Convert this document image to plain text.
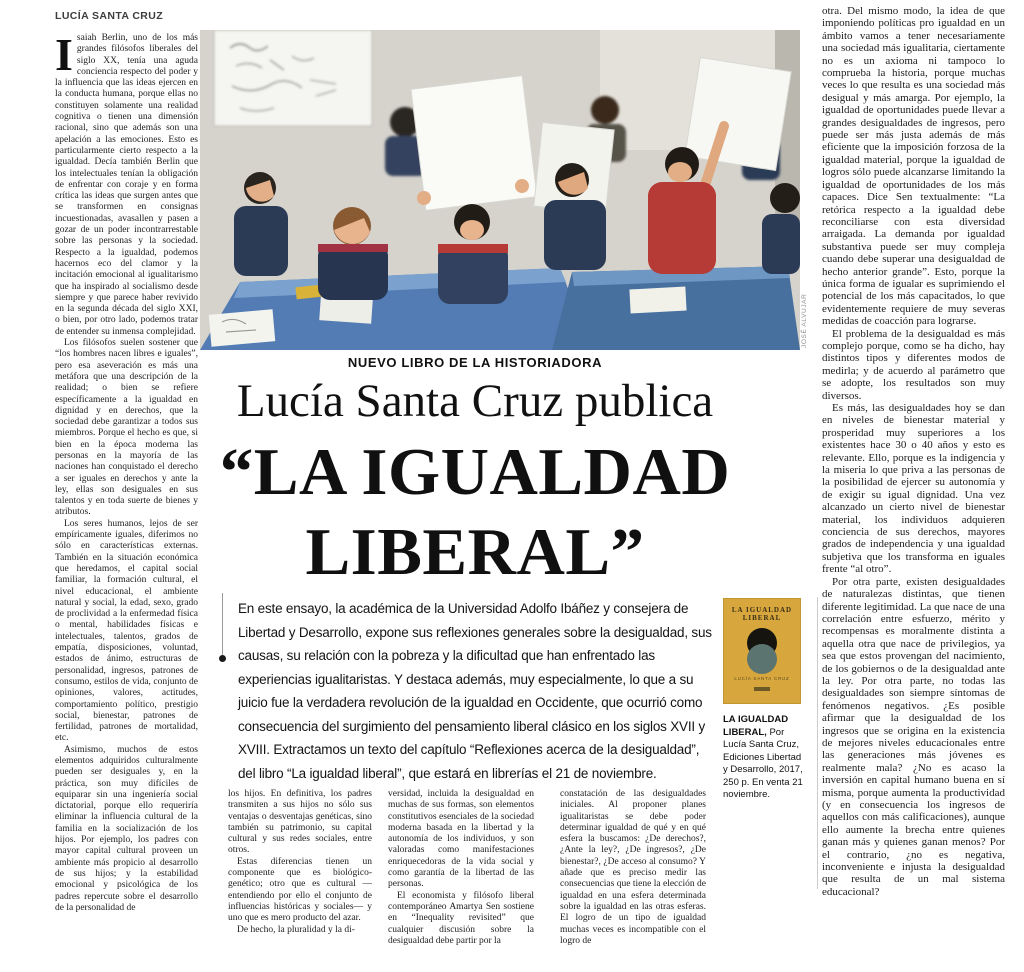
LUCÍA SANTA CRUZ

Isaiah Berlin, uno de los más grandes filósofos liberales del siglo XX, tenía una aguda conciencia respecto del poder y la influencia que las ideas ejercen en la conducta humana, porque ellas no constituyen solamente una realidad cognitiva o tienen una dimensión racional, sino que además son una apelación a las emociones. Esto es particularmente cierto respecto a la igualdad. Decía también Berlin que los intelectuales tenían la obligación de enfrentar con coraje y en forma crítica las ideas que surgen antes que se transformen en consignas incuestionadas, avasallen y pasen a gozar de un poder incontrarrestable sobre las personas y la sociedad. Respecto a la igualdad, podemos hacernos eco del clamor y la incitación emocional al igualitarismo que ha inspirado al socialismo desde siempre y que parece haber revivido en la segunda década del siglo XXI, o bien, por otro lado, podemos tratar de entender su inmensa complejidad.

Los filósofos suelen sostener que “los hombres nacen libres e iguales”, pero esa aseveración es más una metáfora que una descripción de la realidad; o bien se refiere específicamente a la igualdad en dignidad y en derechos, que la sociedad debe garantizar a todos sus miembros. Porque el hecho es que, si bien en la época moderna las personas en la mayoría de las naciones han conquistado el derecho a ser iguales en derechos y ante la ley, ellas son desiguales en sus talentos y en toda suerte de bienes y atributos.

Los seres humanos, lejos de ser empíricamente iguales, diferimos no sólo en características externas. También en la situación económica que heredamos, el capital social familiar, la formación cultural, el nivel educacional, el ambiente natural y social, la edad, sexo, grado de proclividad a la enfermedad física o mental, habilidades físicas e intelectuales, talentos, grados de empatía, disposiciones, voluntad, estados de ánimo, estructuras de personalidad, ingresos, patrones de consumo, estilos de vida, conjunto de opiniones, valores, actitudes, comportamiento político, prestigio social, bienestar, patrones de fertilidad, patrones de mortalidad, etc.

Asimismo, muchos de estos elementos adquiridos culturalmente pueden ser desiguales y, en la práctica, son muy difíciles de equiparar sin una ingeniería social dictatorial, porque ello requeriría eliminar la influencia cultural de la familia en la socialización de los hijos. Por ejemplo, los padres con mayor capital cultural proveen un ambiente más propicio al desarrollo de sus hijos; y la estabilidad emocional y psicológica de los padres repercute sobre el desarrollo de la personalidad de

JOSÉ ALVUJAR
NUEVO LIBRO DE LA HISTORIADORA
Lucía Santa Cruz publica
“LA IGUALDAD
LIBERAL”
En este ensayo, la académica de la Universidad Adolfo Ibáñez y consejera de Libertad y Desarrollo, expone sus reflexiones generales sobre la desigualdad, sus causas, su relación con la pobreza y la dificultad que han enfrentado las experiencias igualitaristas. Y destaca además, muy especialmente, lo que a su juicio fue la verdadera revolución de la igualdad en Occidente, que ocurrió como consecuencia del surgimiento del pensamiento liberal clásico en los siglos XVII y XVIII. Extractamos un texto del capítulo “Reflexiones acerca de la desigualdad”, del libro “La igualdad liberal”, que estará en librerías el 21 de noviembre.

los hijos. En definitiva, los padres transmiten a sus hijos no sólo sus ventajas o desventajas genéticas, sino también su patrimonio, su capital cultural y sus redes sociales, entre otros.

Estas diferencias tienen un componente que es biológico-genético; otro que es cultural —entendiendo por ello el conjunto de influencias históricas y sociales— y uno que es mero producto del azar.

De hecho, la pluralidad y la di-

versidad, incluida la desigualdad en muchas de sus formas, son elementos constitutivos esenciales de la sociedad moderna basada en la libertad y la autonomía de los individuos, y son valoradas como manifestaciones enriquecedoras de la vida social y como garantía de la libertad de las personas.

El economista y filósofo liberal contemporáneo Amartya Sen sostiene en “Inequality revisited” que cualquier discusión sobre la desigualdad debe partir por la

constatación de las desigualdades iniciales. Al proponer planes igualitaristas se debe poder determinar igualdad de qué y en qué esfera la buscamos: ¿De derechos?, ¿Ante la ley?, ¿De ingresos?, ¿De bienestar?, ¿De acceso al consumo? Y añade que es preciso medir las consecuencias que tiene la elección de igualdad en una esfera determinada sobre la igualdad en las otras esferas. El logro de un tipo de igualdad muchas veces es incompatible con el logro de

LA IGUALDAD LIBERAL
LUCÍA SANTA CRUZ
LA IGUALDAD LIBERAL, Por Lucía Santa Cruz, Ediciones Libertad y Desarrollo, 2017, 250 p. En venta 21 noviembre.

otra. Del mismo modo, la idea de que imponiendo políticas pro igualdad en un ámbito vamos a tener necesariamente una sociedad más igualitaria, ciertamente no es un axioma ni tampoco lo comprueba la historia, porque muchas veces lo que resulta es una sociedad más desigual y más amarga. Por ejemplo, la igualdad de oportunidades puede llevar a grandes desigualdades de ingresos, pero puede ser más justa además de más eficiente que la imposición forzosa de la igualdad material, porque la igualdad de logros sólo puede alcanzarse limitando la igualdad de oportunidades de los más capaces. Dice Sen textualmente: “La retórica respecto a la igualdad debe reconciliarse con esta diversidad arraigada. La demanda por igualdad substantiva puede ser muy compleja cuando debe superar una desigualdad de hecho anterior grande”. Esto, porque la única forma de igualar es suprimiendo el potencial de los más capacitados, lo que evidentemente requiere de muy severas medidas de coacción para lograrse.

El problema de la desigualdad es más complejo porque, como se ha dicho, hay distintos tipos y diferentes modos de medirla; y de acuerdo al parámetro que se adopte, los resultados son muy diversos.

Es más, las desigualdades hoy se dan en niveles de bienestar material y prosperidad muy superiores a los existentes hace 30 o 40 años y esto es relevante. Ello, porque es la indigencia y la miseria lo que priva a las personas de la posibilidad de ejercer su autonomía y de exigir su igual dignidad. Una vez alcanzado un cierto nivel de bienestar material, los individuos adquieren conciencia de sus derechos, mayores grados de independencia y una igualdad subjetiva que los transforma en iguales frente “al otro”.

Por otra parte, existen desigualdades de naturalezas distintas, que tienen diferente legitimidad. La que nace de una correlación entre esfuerzo, mérito y recompensas es moralmente distinta a aquella otra que nace de privilegios, ya sea que estos provengan del nacimiento, de los gobiernos o de la desigualdad ante la ley. Por otra parte, no todas las desigualdades son siempre síntomas de fenómenos negativos. ¿Es posible afirmar que la desigualdad de los ingresos que se origina en la existencia de mejores niveles educacionales entre las generaciones más jóvenes es realmente mala? ¿No es acaso la inversión en capital humano buena en sí misma, porque aumenta la productividad (y en consecuencia los ingresos de aquellos con más calificaciones), aunque ello aumente la brecha entre quienes ganan más y quienes ganan menos? Por el contrario, ¿no es negativa, inconveniente e injusta la desigualdad que resulta de un mal sistema educacional?
